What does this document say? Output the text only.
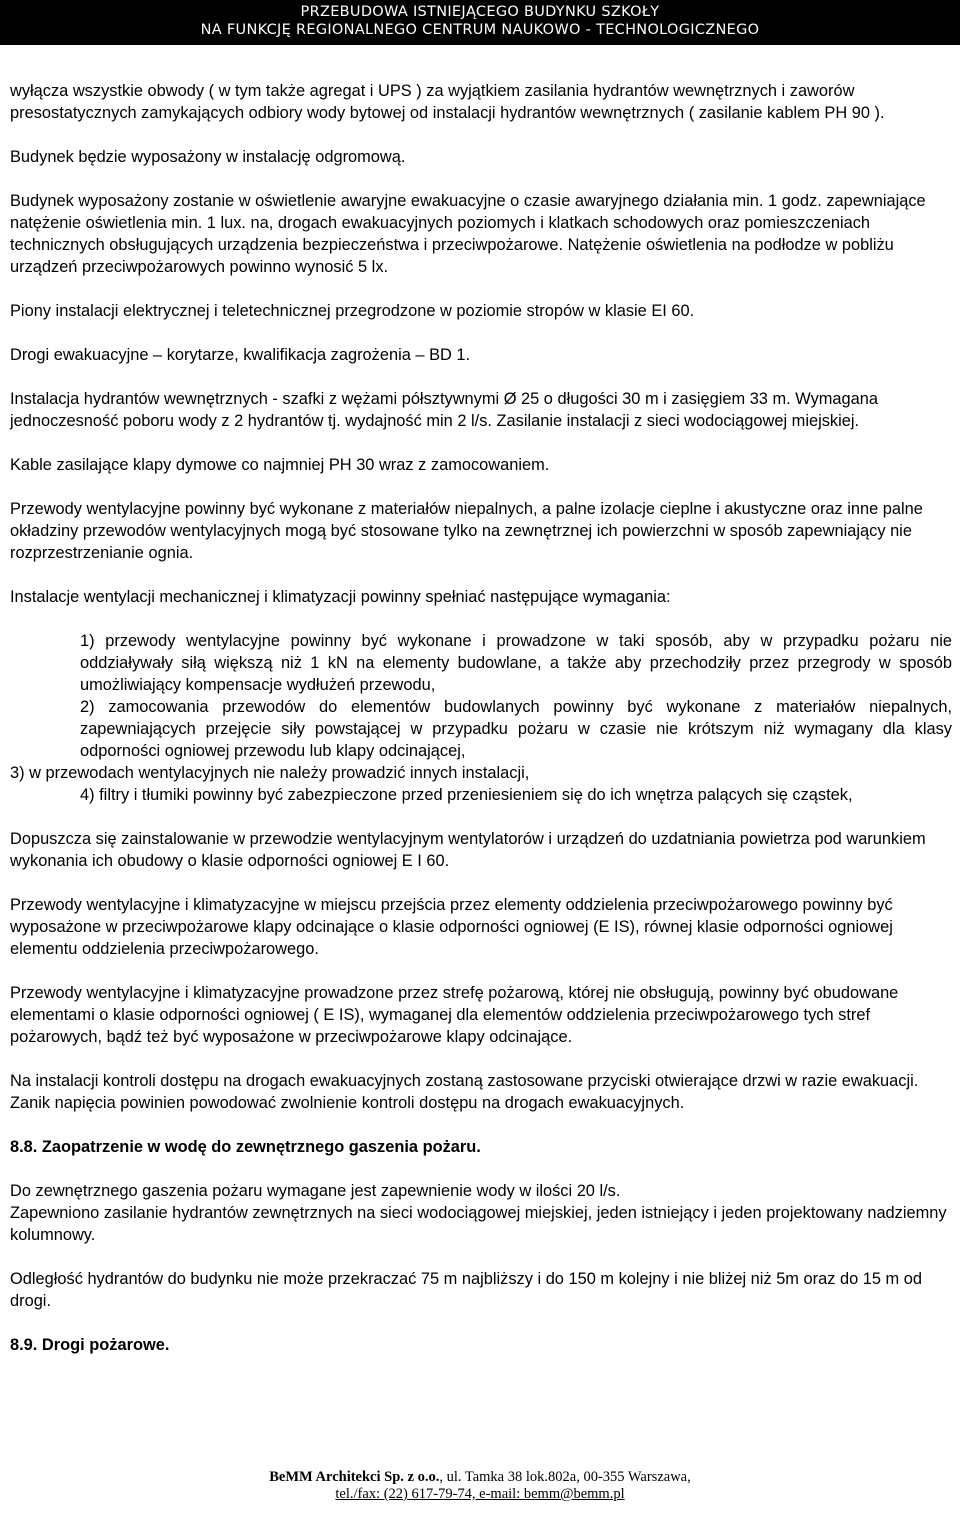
PRZEBUDOWA ISTNIEJĄCEGO BUDYNKU SZKOŁY
NA FUNKCJĘ REGIONALNEGO CENTRUM NAUKOWO - TECHNOLOGICZNEGO

wyłącza wszystkie obwody ( w tym także agregat i UPS ) za wyjątkiem zasilania hydrantów wewnętrznych i zaworów presostatycznych zamykających odbiory wody bytowej od instalacji hydrantów wewnętrznych ( zasilanie kablem PH 90 ).

Budynek będzie wyposażony w instalację odgromową.

Budynek wyposażony zostanie w oświetlenie awaryjne ewakuacyjne o czasie awaryjnego działania min. 1 godz. zapewniające natężenie oświetlenia min. 1 lux. na, drogach ewakuacyjnych poziomych i klatkach schodowych oraz pomieszczeniach technicznych obsługujących urządzenia bezpieczeństwa i przeciwpożarowe. Natężenie oświetlenia na podłodze w pobliżu urządzeń przeciwpożarowych powinno wynosić 5 lx.

Piony instalacji elektrycznej i teletechnicznej przegrodzone w poziomie stropów w klasie EI 60.

Drogi ewakuacyjne – korytarze, kwalifikacja zagrożenia – BD 1.

Instalacja hydrantów wewnętrznych - szafki z wężami półsztywnymi Ø 25 o długości 30 m i zasięgiem 33 m. Wymagana jednoczesność poboru wody z 2 hydrantów tj. wydajność min 2 l/s. Zasilanie instalacji z sieci wodociągowej miejskiej.

Kable zasilające klapy dymowe co najmniej PH 30 wraz z zamocowaniem.

Przewody wentylacyjne powinny być wykonane z materiałów niepalnych, a palne izolacje cieplne i akustyczne oraz inne palne okładziny przewodów wentylacyjnych mogą być stosowane tylko na zewnętrznej ich powierzchni w sposób zapewniający nie rozprzestrzenianie ognia.

Instalacje wentylacji mechanicznej i klimatyzacji powinny spełniać następujące wymagania:

1) przewody wentylacyjne powinny być wykonane i prowadzone w taki sposób, aby w przypadku pożaru nie oddziaływały siłą większą niż 1 kN na elementy budowlane, a także aby przechodziły przez przegrody w sposób umożliwiający kompensacje wydłużeń przewodu,
2) zamocowania przewodów do elementów budowlanych powinny być wykonane z materiałów niepalnych, zapewniających przejęcie siły powstającej w przypadku pożaru w czasie nie krótszym niż wymagany dla klasy odporności ogniowej przewodu lub klapy odcinającej,
3) w przewodach wentylacyjnych nie należy prowadzić innych instalacji,
4) filtry i tłumiki powinny być zabezpieczone przed przeniesieniem się do ich wnętrza palących się cząstek,

Dopuszcza się zainstalowanie w przewodzie wentylacyjnym wentylatorów i urządzeń do uzdatniania powietrza pod warunkiem wykonania ich obudowy o klasie odporności ogniowej E I 60.

Przewody wentylacyjne i klimatyzacyjne w miejscu przejścia przez elementy oddzielenia przeciwpożarowego powinny być wyposażone w przeciwpożarowe klapy odcinające o klasie odporności ogniowej (E IS), równej klasie odporności ogniowej elementu oddzielenia przeciwpożarowego.

Przewody wentylacyjne i klimatyzacyjne prowadzone przez strefę pożarową, której nie obsługują, powinny być obudowane elementami o klasie odporności ogniowej ( E IS), wymaganej dla elementów oddzielenia przeciwpożarowego tych stref pożarowych, bądź też być wyposażone w przeciwpożarowe klapy odcinające.

Na instalacji kontroli dostępu na drogach ewakuacyjnych zostaną zastosowane przyciski otwierające drzwi w razie ewakuacji. Zanik napięcia powinien powodować zwolnienie kontroli dostępu na drogach ewakuacyjnych.

8.8. Zaopatrzenie w wodę do zewnętrznego gaszenia pożaru.

Do zewnętrznego gaszenia pożaru wymagane jest zapewnienie wody w ilości 20 l/s.

Zapewniono zasilanie hydrantów zewnętrznych na sieci wodociągowej miejskiej, jeden istniejący i jeden projektowany nadziemny kolumnowy.

Odległość hydrantów do budynku nie może przekraczać 75 m najbliższy i do 150 m kolejny i nie bliżej niż 5m oraz do 15 m od drogi.

8.9. Drogi pożarowe.

BeMM Architekci Sp. z o.o., ul. Tamka 38 lok.802a, 00-355 Warszawa,
tel./fax: (22) 617-79-74, e-mail: bemm@bemm.pl
